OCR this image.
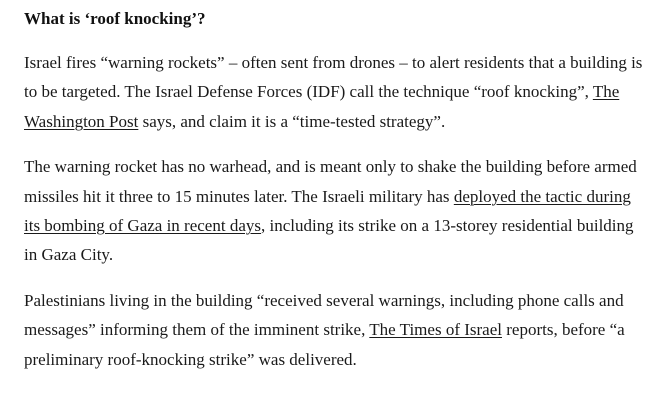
What is ‘roof knocking’?

Israel fires “warning rockets” – often sent from drones – to alert residents that a building is to be targeted. The Israel Defense Forces (IDF) call the technique “roof knocking”, The Washington Post says, and claim it is a “time-tested strategy”.

The warning rocket has no warhead, and is meant only to shake the building before armed missiles hit it three to 15 minutes later. The Israeli military has deployed the tactic during its bombing of Gaza in recent days, including its strike on a 13-storey residential building in Gaza City.

Palestinians living in the building “received several warnings, including phone calls and messages” informing them of the imminent strike, The Times of Israel reports, before “a preliminary roof-knocking strike” was delivered.
